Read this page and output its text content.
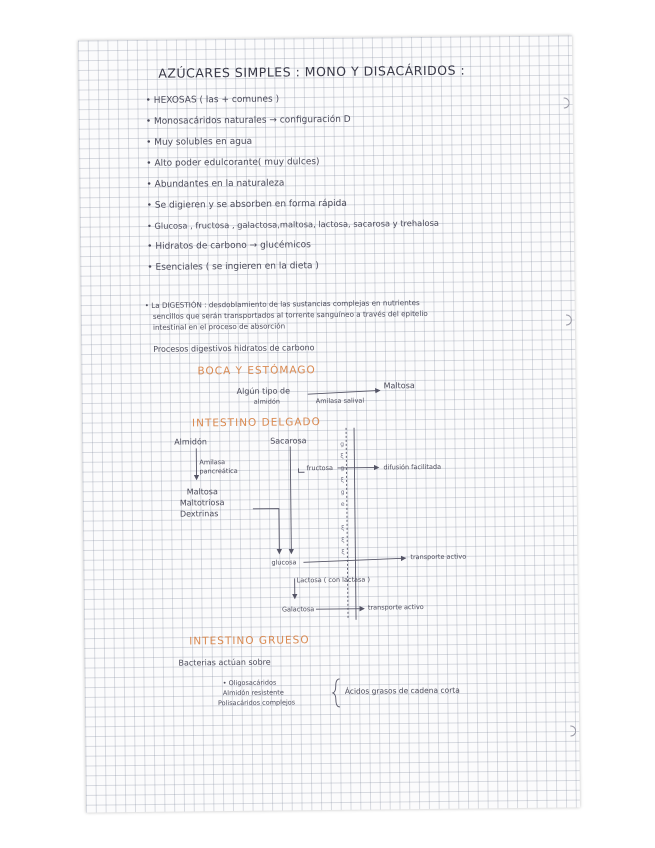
AZÚCARES SIMPLES : MONO Y DISACÁRIDOS :
• HEXOSAS ( las + comunes )
• Monosacáridos naturales → configuración D
• Muy solubles en agua
• Alto poder edulcorante( muy dulces)
• Abundantes en la naturaleza
• Se digieren y se absorben en forma rápida
• Glucosa , fructosa , galactosa,maltosa, lactosa, sacarosa y trehalosa
• Hidratos de carbono → glucémicos
• Esenciales ( se ingieren en la dieta )
• La DIGESTIÓN : desdoblamiento de las sustancias complejas en nutrientes
sencillos que serán transportados al torrente sanguíneo a través del epitelio
intestinal en el proceso de absorción
Procesos digestivos hidratos de carbono
BOCA Y ESTÓMAGO
Algún tipo de
almidón	Amilasa salival
Maltosa
INTESTINO DELGADO
Almidón	Sacarosa
Amilasa
pancreática
Maltosa
Maltotriosa
Dextrinas
fructosa	difusión facilitada
glucosa
transporte activo
Lactosa ( con lactasa )
Galactosa	transporte activo
INTESTINO GRUESO
Bacterias actúan sobre
• Oligosacáridos
Almidón resistente
Polisacáridos complejos
Ácidos grasos de cadena corta
g
ξ
g
ξ
g
e
ξ
ξ
ξ
